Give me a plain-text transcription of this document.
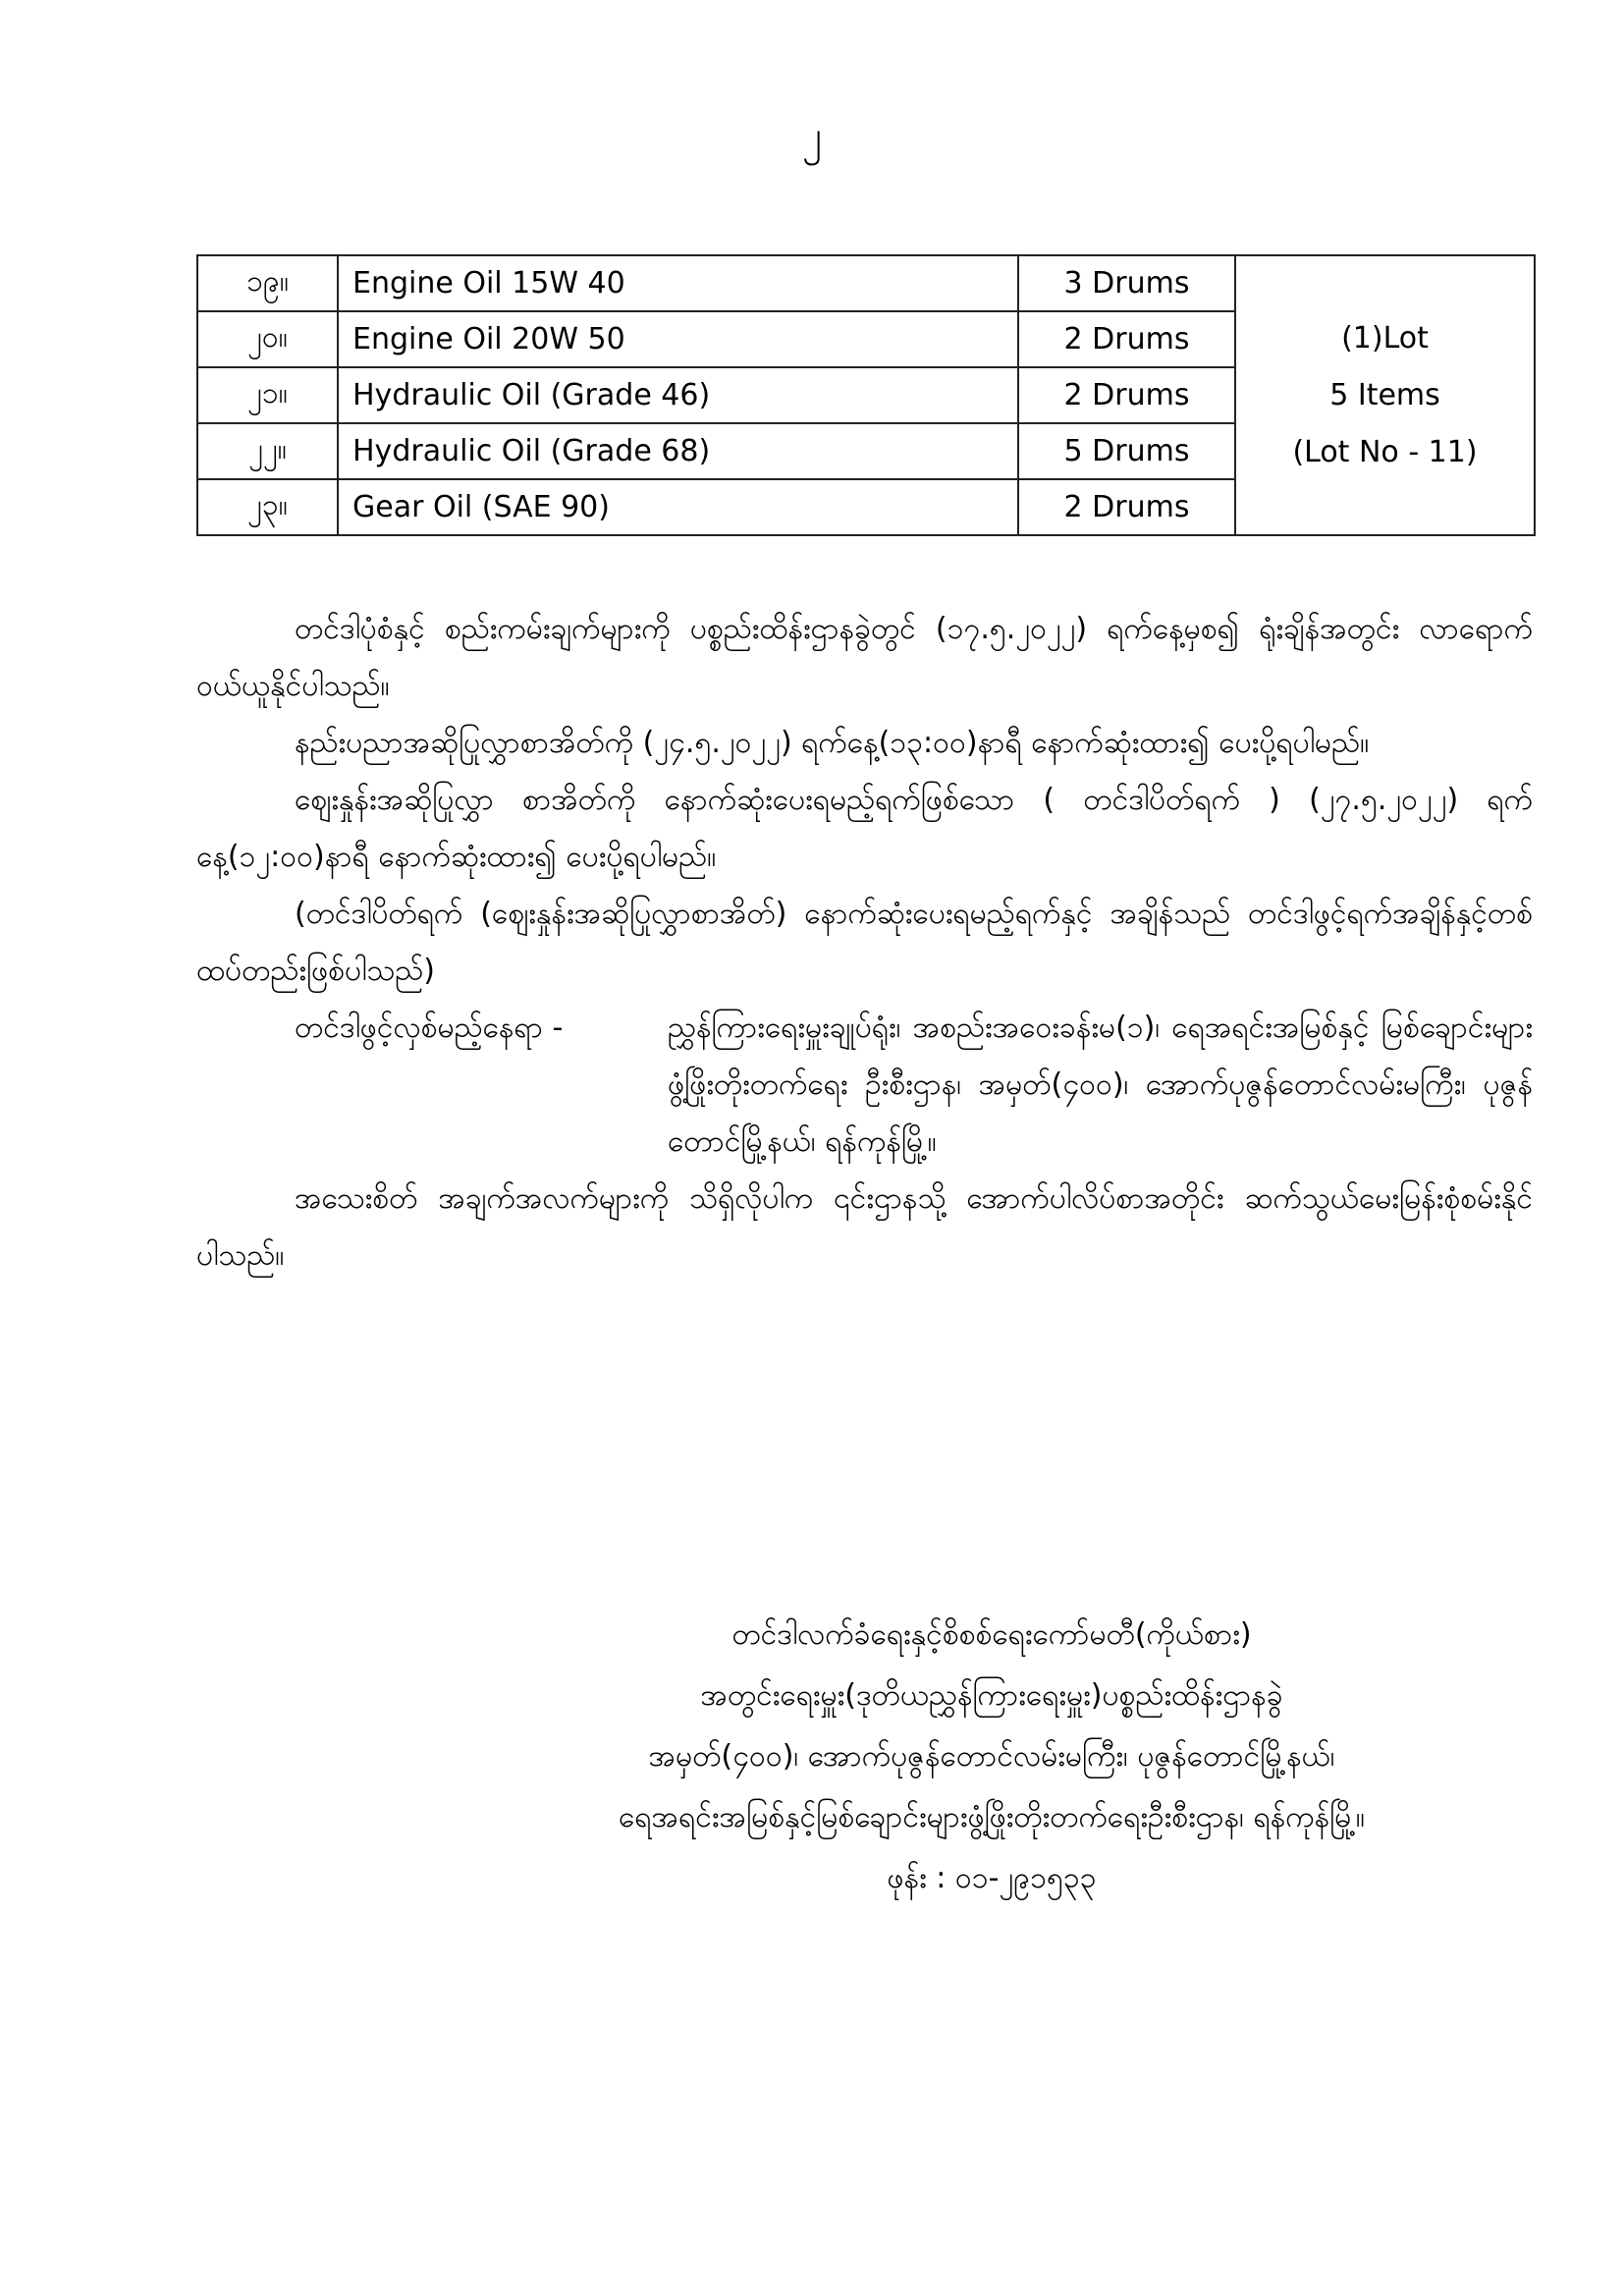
၂
၁၉။	Engine Oil 15W 40	3 Drums	(1)Lot
5 Items
(Lot No - 11)

၂၀။	Engine Oil 20W 50	2 Drums	
၂၁။	Hydraulic Oil (Grade 46)	2 Drums	
၂၂။	Hydraulic Oil (Grade 68)	5 Drums	
၂၃။	Gear Oil (SAE 90)	2 Drums	

တင်ဒါပုံစံနှင့် စည်းကမ်းချက်များကို ပစ္စည်းထိန်းဌာနခွဲတွင် (၁၇.၅.၂၀၂၂) ရက်နေ့မှစ၍ ရုံးချိန်အတွင်း လာရောက်ဝယ်ယူနိုင်ပါသည်။

နည်းပညာအဆိုပြုလွှာစာအိတ်ကို (၂၄.၅.၂၀၂၂) ရက်နေ့(၁၃:၀၀)နာရီ နောက်ဆုံးထား၍ ပေးပို့ရပါမည်။

ဈေးနှုန်းအဆိုပြုလွှာ စာအိတ်ကို နောက်ဆုံးပေးရမည့်ရက်ဖြစ်သော ( တင်ဒါပိတ်ရက် ) (၂၇.၅.၂၀၂၂) ရက်နေ့(၁၂:၀၀)နာရီ နောက်ဆုံးထား၍ ပေးပို့ရပါမည်။

(တင်ဒါပိတ်ရက် (ဈေးနှုန်းအဆိုပြုလွှာစာအိတ်) နောက်ဆုံးပေးရမည့်ရက်နှင့် အချိန်သည် တင်ဒါဖွင့်ရက်အချိန်နှင့်တစ်ထပ်တည်းဖြစ်ပါသည်)

တင်ဒါဖွင့်လှစ်မည့်နေရာ -	ညွှန်ကြားရေးမှူးချုပ်ရုံး၊ အစည်းအဝေးခန်းမ(၁)၊ ရေအရင်းအမြစ်နှင့် မြစ်ချောင်းများ ဖွံ့ဖြိုးတိုးတက်ရေး ဦးစီးဌာန၊ အမှတ်(၄၀၀)၊ အောက်ပုဇွန်တောင်လမ်းမကြီး၊ ပုဇွန်တောင်မြို့နယ်၊ ရန်ကုန်မြို့။

အသေးစိတ် အချက်အလက်များကို သိရှိလိုပါက ၎င်းဌာနသို့ အောက်ပါလိပ်စာအတိုင်း ဆက်သွယ်မေးမြန်းစုံစမ်းနိုင်ပါသည်။

တင်ဒါလက်ခံရေးနှင့်စိစစ်ရေးကော်မတီ(ကိုယ်စား)
အတွင်းရေးမှူး(ဒုတိယညွှန်ကြားရေးမှူး)ပစ္စည်းထိန်းဌာနခွဲ
အမှတ်(၄၀၀)၊ အောက်ပုဇွန်တောင်လမ်းမကြီး၊ ပုဇွန်တောင်မြို့နယ်၊
ရေအရင်းအမြစ်နှင့်မြစ်ချောင်းများဖွံ့ဖြိုးတိုးတက်ရေးဦးစီးဌာန၊ ရန်ကုန်မြို့။
ဖုန်း : ၀၁-၂၉၁၅၃၃
